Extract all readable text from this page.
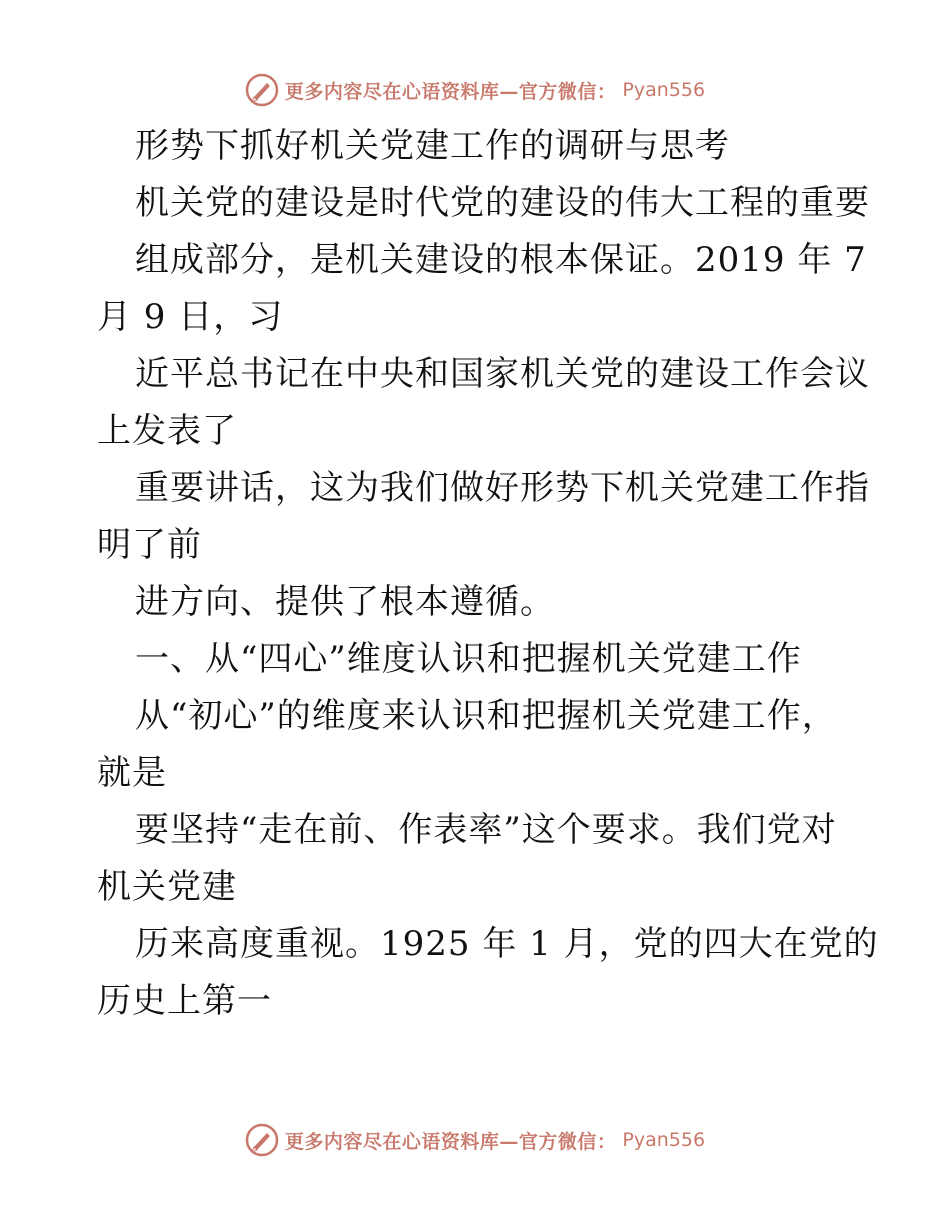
更多内容尽在心语资料库—官方微信： Pyan556
形势下抓好机关党建工作的调研与思考
机关党的建设是时代党的建设的伟大工程的重要
组成部分，是机关建设的根本保证。2019 年 7
月 9 日，习
近平总书记在中央和国家机关党的建设工作会议
上发表了
重要讲话，这为我们做好形势下机关党建工作指
明了前
进方向、提供了根本遵循。
一、从“四心”维度认识和把握机关党建工作
从“初心”的维度来认识和把握机关党建工作，
就是
要坚持“走在前、作表率”这个要求。我们党对
机关党建
历来高度重视。1925 年 1 月，党的四大在党的
历史上第一
更多内容尽在心语资料库—官方微信： Pyan556
